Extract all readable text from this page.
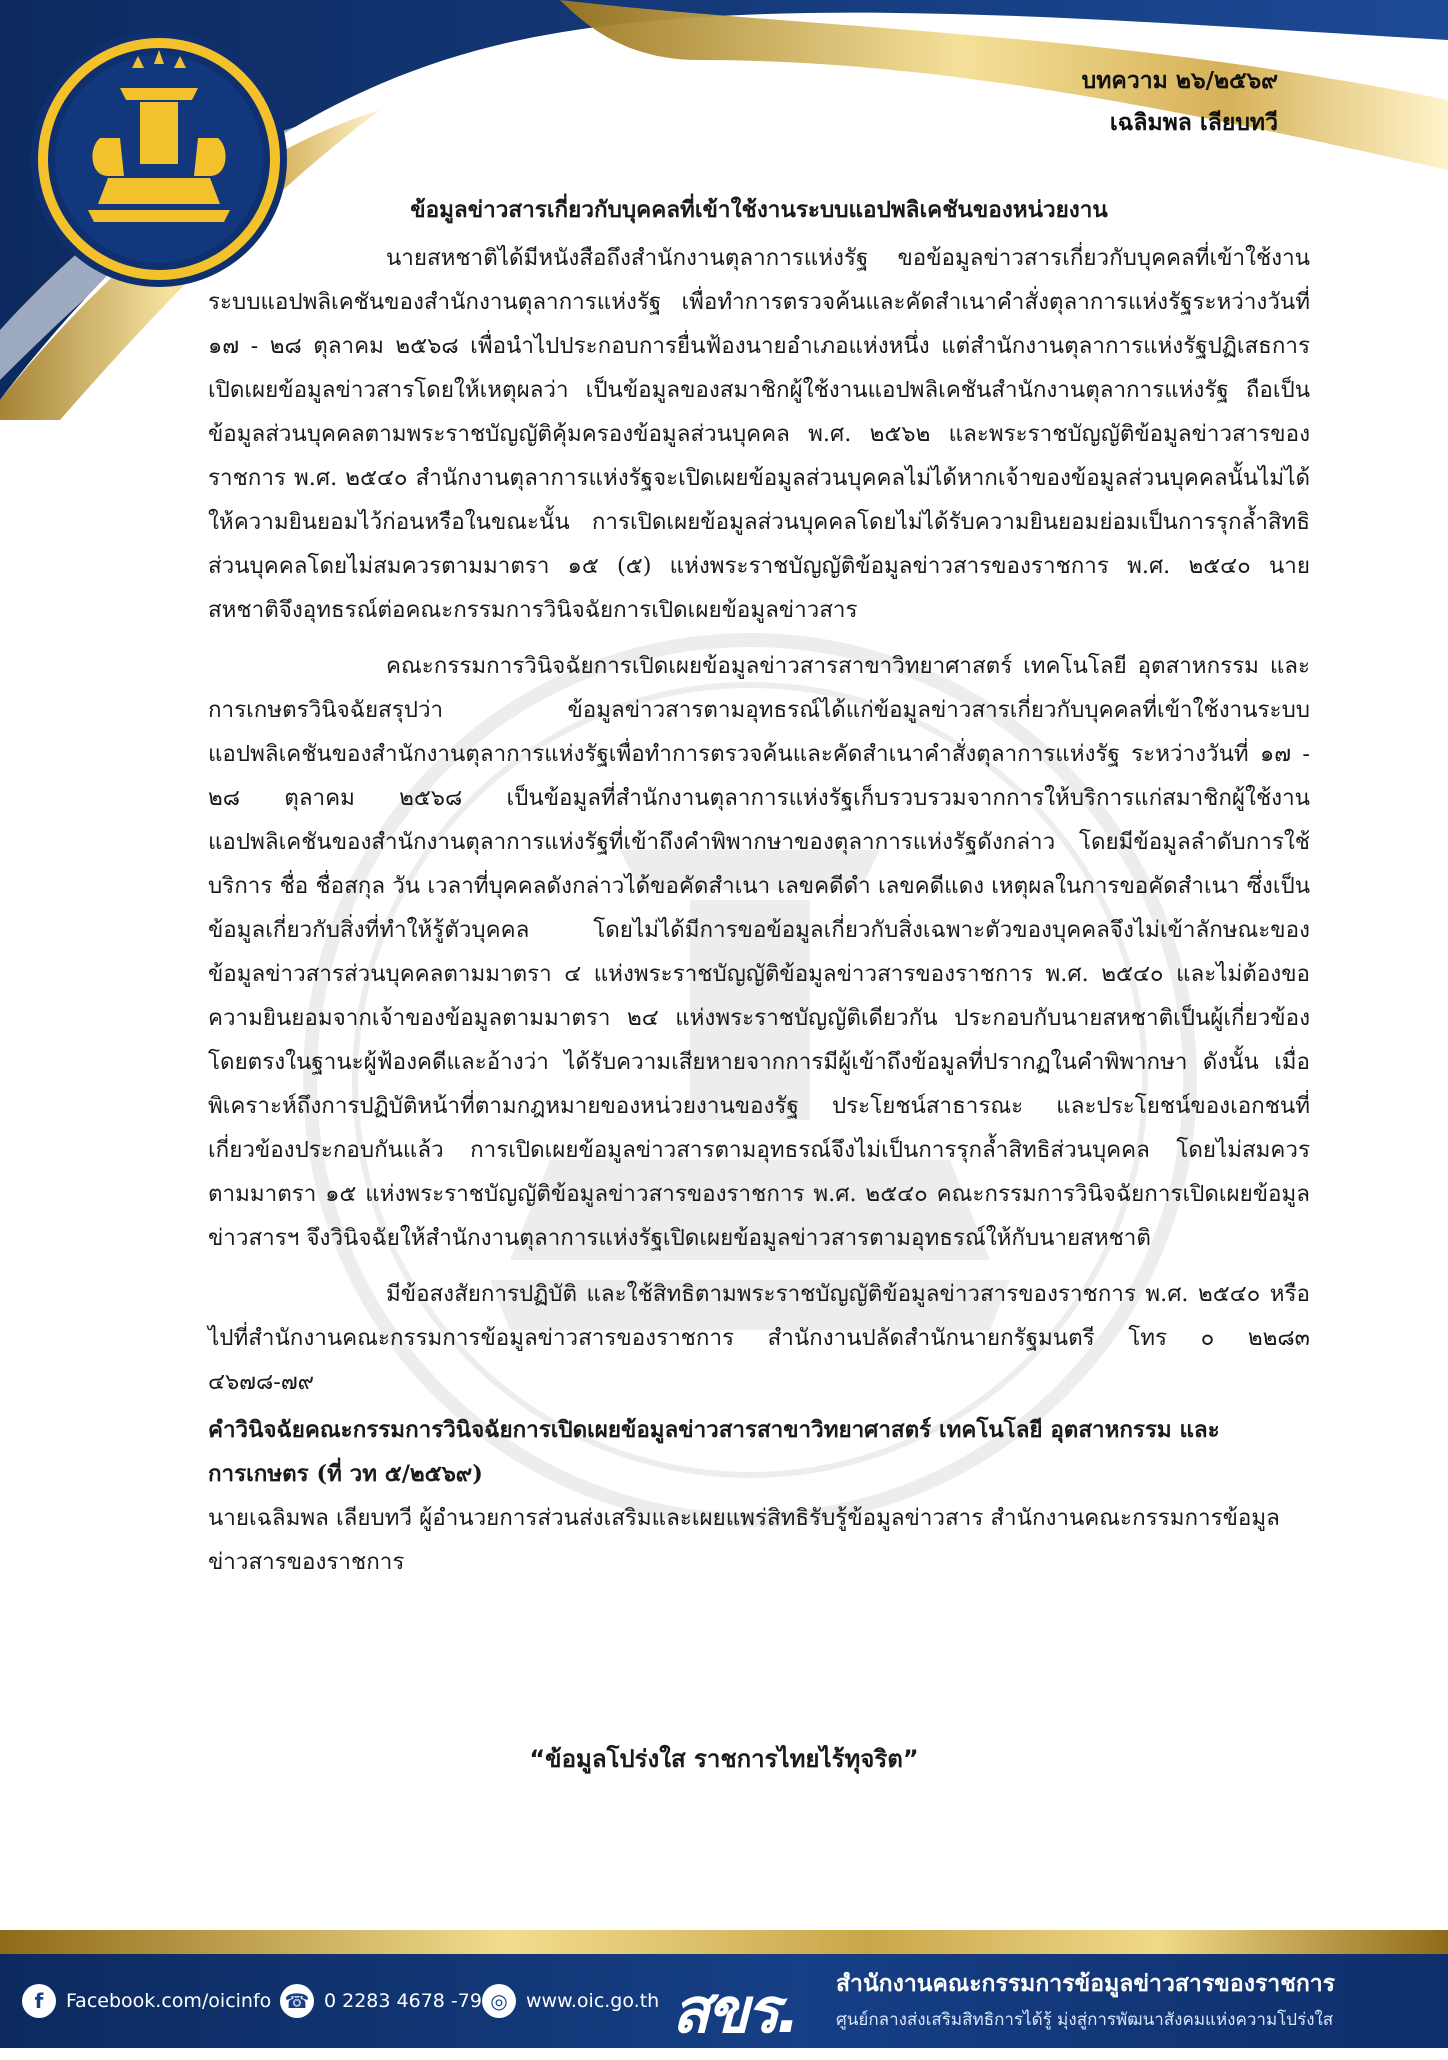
บทความ ๒๖/๒๕๖๙
เฉลิมพล เลียบทวี
ข้อมูลข่าวสารเกี่ยวกับบุคคลที่เข้าใช้งานระบบแอปพลิเคชันของหน่วยงาน

นายสหชาติได้มีหนังสือถึงสำนักงานตุลาการแห่งรัฐ ขอข้อมูลข่าวสารเกี่ยวกับบุคคลที่เข้าใช้งานระบบแอปพลิเคชันของสำนักงานตุลาการแห่งรัฐ เพื่อทำการตรวจค้นและคัดสำเนาคำสั่งตุลาการแห่งรัฐระหว่างวันที่ ๑๗ - ๒๘ ตุลาคม ๒๕๖๘ เพื่อนำไปประกอบการยื่นฟ้องนายอำเภอแห่งหนึ่ง แต่สำนักงานตุลาการแห่งรัฐปฏิเสธการเปิดเผยข้อมูลข่าวสารโดยให้เหตุผลว่า เป็นข้อมูลของสมาชิกผู้ใช้งานแอปพลิเคชันสำนักงานตุลาการแห่งรัฐ ถือเป็นข้อมูลส่วนบุคคลตามพระราชบัญญัติคุ้มครองข้อมูลส่วนบุคคล พ.ศ. ๒๕๖๒ และพระราชบัญญัติข้อมูลข่าวสารของราชการ พ.ศ. ๒๕๔๐ สำนักงานตุลาการแห่งรัฐจะเปิดเผยข้อมูลส่วนบุคคลไม่ได้หากเจ้าของข้อมูลส่วนบุคคลนั้นไม่ได้ให้ความยินยอมไว้ก่อนหรือในขณะนั้น การเปิดเผยข้อมูลส่วนบุคคลโดยไม่ได้รับความยินยอมย่อมเป็นการรุกล้ำสิทธิส่วนบุคคลโดยไม่สมควรตามมาตรา ๑๕ (๕) แห่งพระราชบัญญัติข้อมูลข่าวสารของราชการ พ.ศ. ๒๕๔๐ นายสหชาติจึงอุทธรณ์ต่อคณะกรรมการวินิจฉัยการเปิดเผยข้อมูลข่าวสาร

คณะกรรมการวินิจฉัยการเปิดเผยข้อมูลข่าวสารสาขาวิทยาศาสตร์ เทคโนโลยี อุตสาหกรรม และการเกษตรวินิจฉัยสรุปว่า ข้อมูลข่าวสารตามอุทธรณ์ได้แก่ข้อมูลข่าวสารเกี่ยวกับบุคคลที่เข้าใช้งานระบบแอปพลิเคชันของสำนักงานตุลาการแห่งรัฐเพื่อทำการตรวจค้นและคัดสำเนาคำสั่งตุลาการแห่งรัฐ ระหว่างวันที่ ๑๗ - ๒๘ ตุลาคม ๒๕๖๘ เป็นข้อมูลที่สำนักงานตุลาการแห่งรัฐเก็บรวบรวมจากการให้บริการแก่สมาชิกผู้ใช้งานแอปพลิเคชันของสำนักงานตุลาการแห่งรัฐที่เข้าถึงคำพิพากษาของตุลาการแห่งรัฐดังกล่าว โดยมีข้อมูลลำดับการใช้บริการ ชื่อ ชื่อสกุล วัน เวลาที่บุคคลดังกล่าวได้ขอคัดสำเนา เลขคดีดำ เลขคดีแดง เหตุผลในการขอคัดสำเนา ซึ่งเป็นข้อมูลเกี่ยวกับสิ่งที่ทำให้รู้ตัวบุคคล โดยไม่ได้มีการขอข้อมูลเกี่ยวกับสิ่งเฉพาะตัวของบุคคลจึงไม่เข้าลักษณะของข้อมูลข่าวสารส่วนบุคคลตามมาตรา ๔ แห่งพระราชบัญญัติข้อมูลข่าวสารของราชการ พ.ศ. ๒๕๔๐ และไม่ต้องขอความยินยอมจากเจ้าของข้อมูลตามมาตรา ๒๔ แห่งพระราชบัญญัติเดียวกัน ประกอบกับนายสหชาติเป็นผู้เกี่ยวข้องโดยตรงในฐานะผู้ฟ้องคดีและอ้างว่า ได้รับความเสียหายจากการมีผู้เข้าถึงข้อมูลที่ปรากฏในคำพิพากษา ดังนั้น เมื่อพิเคราะห์ถึงการปฏิบัติหน้าที่ตามกฎหมายของหน่วยงานของรัฐ ประโยชน์สาธารณะ และประโยชน์ของเอกชนที่เกี่ยวข้องประกอบกันแล้ว การเปิดเผยข้อมูลข่าวสารตามอุทธรณ์จึงไม่เป็นการรุกล้ำสิทธิส่วนบุคคล โดยไม่สมควรตามมาตรา ๑๕ แห่งพระราชบัญญัติข้อมูลข่าวสารของราชการ พ.ศ. ๒๕๔๐ คณะกรรมการวินิจฉัยการเปิดเผยข้อมูลข่าวสารฯ จึงวินิจฉัยให้สำนักงานตุลาการแห่งรัฐเปิดเผยข้อมูลข่าวสารตามอุทธรณ์ให้กับนายสหชาติ

มีข้อสงสัยการปฏิบัติ และใช้สิทธิตามพระราชบัญญัติข้อมูลข่าวสารของราชการ พ.ศ. ๒๕๔๐ หรือไปที่สำนักงานคณะกรรมการข้อมูลข่าวสารของราชการ สำนักงานปลัดสำนักนายกรัฐมนตรี โทร ๐ ๒๒๘๓ ๔๖๗๘-๗๙

คำวินิจฉัยคณะกรรมการวินิจฉัยการเปิดเผยข้อมูลข่าวสารสาขาวิทยาศาสตร์ เทคโนโลยี อุตสาหกรรม และการเกษตร (ที่ วท ๕/๒๕๖๙)

นายเฉลิมพล เลียบทวี ผู้อำนวยการส่วนส่งเสริมและเผยแพร่สิทธิรับรู้ข้อมูลข่าวสาร สำนักงานคณะกรรมการข้อมูลข่าวสารของราชการ

“ข้อมูลโปร่งใส ราชการไทยไร้ทุจริต”
f	Facebook.com/oicinfo ☎ 0 2283 4678 -79 ◎ www.oic.go.th สขร. สำนักงานคณะกรรมการข้อมูลข่าวสารของราชการ
ศูนย์กลางส่งเสริมสิทธิการได้รู้ มุ่งสู่การพัฒนาสังคมแห่งความโปร่งใส
